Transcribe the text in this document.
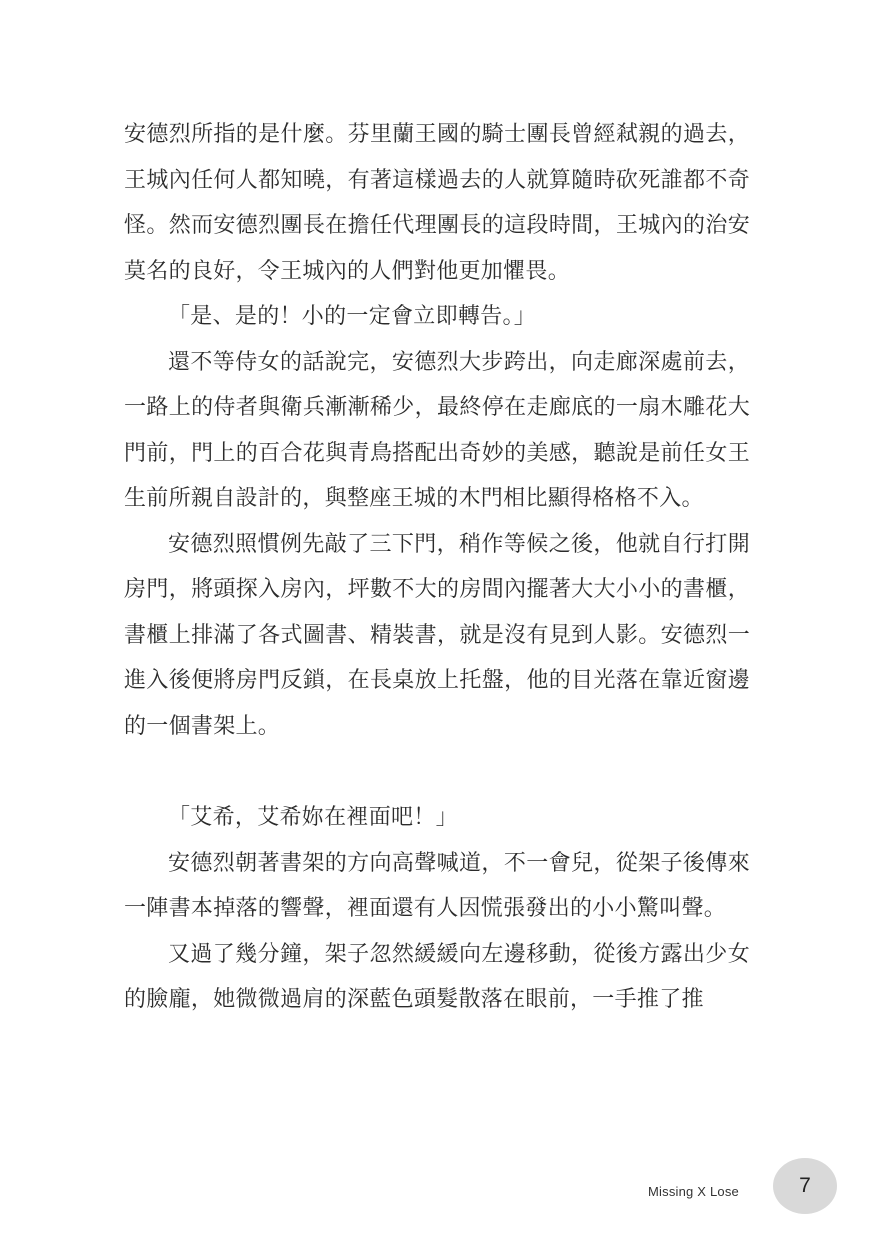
安德烈所指的是什麼。芬里蘭王國的騎士團長曾經弒親的過去，王城內任何人都知曉，有著這樣過去的人就算隨時砍死誰都不奇怪。然而安德烈團長在擔任代理團長的這段時間，王城內的治安莫名的良好，令王城內的人們對他更加懼畏。

「是、是的！小的一定會立即轉告。」

還不等侍女的話說完，安德烈大步跨出，向走廊深處前去，一路上的侍者與衛兵漸漸稀少，最終停在走廊底的一扇木雕花大門前，門上的百合花與青鳥搭配出奇妙的美感，聽說是前任女王生前所親自設計的，與整座王城的木門相比顯得格格不入。

安德烈照慣例先敲了三下門，稍作等候之後，他就自行打開房門，將頭探入房內，坪數不大的房間內擺著大大小小的書櫃，書櫃上排滿了各式圖書、精裝書，就是沒有見到人影。安德烈一進入後便將房門反鎖，在長桌放上托盤，他的目光落在靠近窗邊的一個書架上。

「艾希，艾希妳在裡面吧！」

安德烈朝著書架的方向高聲喊道，不一會兒，從架子後傳來一陣書本掉落的響聲，裡面還有人因慌張發出的小小驚叫聲。

又過了幾分鐘，架子忽然緩緩向左邊移動，從後方露出少女的臉龐，她微微過肩的深藍色頭髮散落在眼前，一手推了推

Missing X Lose	7
